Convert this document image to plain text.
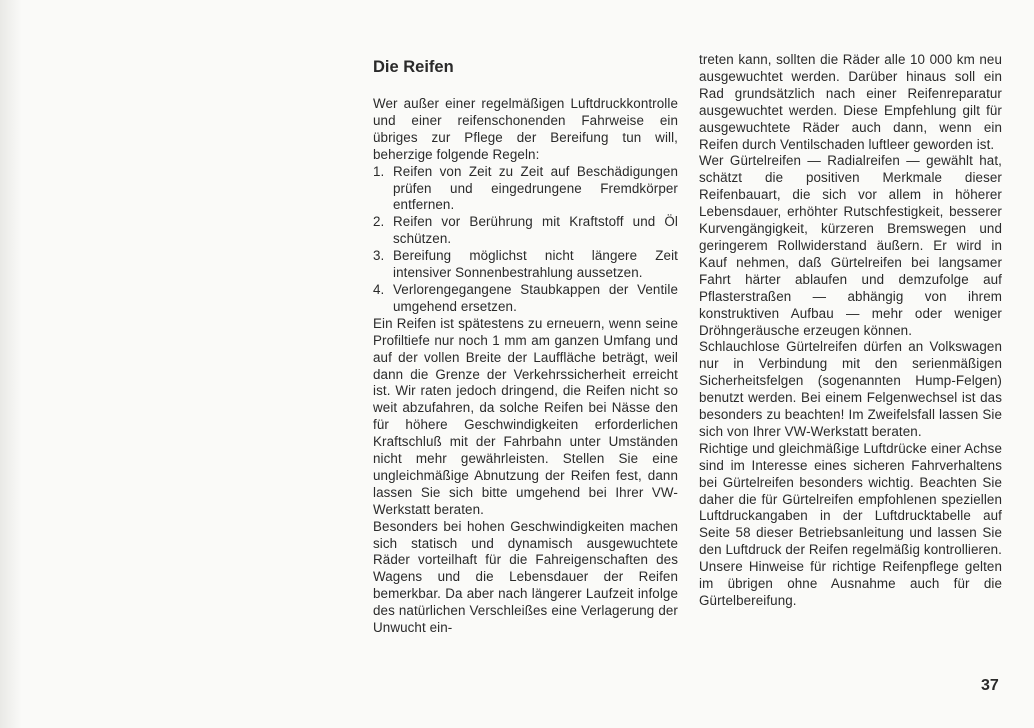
Die Reifen

Wer außer einer regelmäßigen Luftdruckkontrolle und einer reifenschonenden Fahrweise ein übriges zur Pflege der Bereifung tun will, beherzige folgende Regeln:

1. Reifen von Zeit zu Zeit auf Beschädigungen prüfen und eingedrungene Fremdkörper entfernen.
2. Reifen vor Berührung mit Kraftstoff und Öl schützen.
3. Bereifung möglichst nicht längere Zeit intensiver Sonnenbestrahlung aussetzen.
4. Verlorengegangene Staubkappen der Ventile umgehend ersetzen.

Ein Reifen ist spätestens zu erneuern, wenn seine Profiltiefe nur noch 1 mm am ganzen Umfang und auf der vollen Breite der Lauffläche beträgt, weil dann die Grenze der Verkehrssicherheit erreicht ist. Wir raten jedoch dringend, die Reifen nicht so weit abzufahren, da solche Reifen bei Nässe den für höhere Geschwindigkeiten erforderlichen Kraftschluß mit der Fahrbahn unter Umständen nicht mehr gewährleisten. Stellen Sie eine ungleichmäßige Abnutzung der Reifen fest, dann lassen Sie sich bitte umgehend bei Ihrer VW-Werkstatt beraten.

Besonders bei hohen Geschwindigkeiten machen sich statisch und dynamisch ausgewuchtete Räder vorteilhaft für die Fahreigenschaften des Wagens und die Lebensdauer der Reifen bemerkbar. Da aber nach längerer Laufzeit infolge des natürlichen Verschleißes eine Verlagerung der Unwucht ein-

treten kann, sollten die Räder alle 10 000 km neu ausgewuchtet werden. Darüber hinaus soll ein Rad grundsätzlich nach einer Reifenreparatur ausgewuchtet werden. Diese Empfehlung gilt für ausgewuchtete Räder auch dann, wenn ein Reifen durch Ventilschaden luftleer geworden ist.

Wer Gürtelreifen — Radialreifen — gewählt hat, schätzt die positiven Merkmale dieser Reifenbauart, die sich vor allem in höherer Lebensdauer, erhöhter Rutschfestigkeit, besserer Kurvengängigkeit, kürzeren Bremswegen und geringerem Rollwiderstand äußern. Er wird in Kauf nehmen, daß Gürtelreifen bei langsamer Fahrt härter ablaufen und demzufolge auf Pflasterstraßen — abhängig von ihrem konstruktiven Aufbau — mehr oder weniger Dröhngeräusche erzeugen können.

Schlauchlose Gürtelreifen dürfen an Volkswagen nur in Verbindung mit den serienmäßigen Sicherheitsfelgen (sogenannten Hump-Felgen) benutzt werden. Bei einem Felgenwechsel ist das besonders zu beachten! Im Zweifelsfall lassen Sie sich von Ihrer VW-Werkstatt beraten.

Richtige und gleichmäßige Luftdrücke einer Achse sind im Interesse eines sicheren Fahrverhaltens bei Gürtelreifen besonders wichtig. Beachten Sie daher die für Gürtelreifen empfohlenen speziellen Luftdruckangaben in der Luftdrucktabelle auf Seite 58 dieser Betriebsanleitung und lassen Sie den Luftdruck der Reifen regelmäßig kontrollieren. Unsere Hinweise für richtige Reifenpflege gelten im übrigen ohne Ausnahme auch für die Gürtelbereifung.

37
